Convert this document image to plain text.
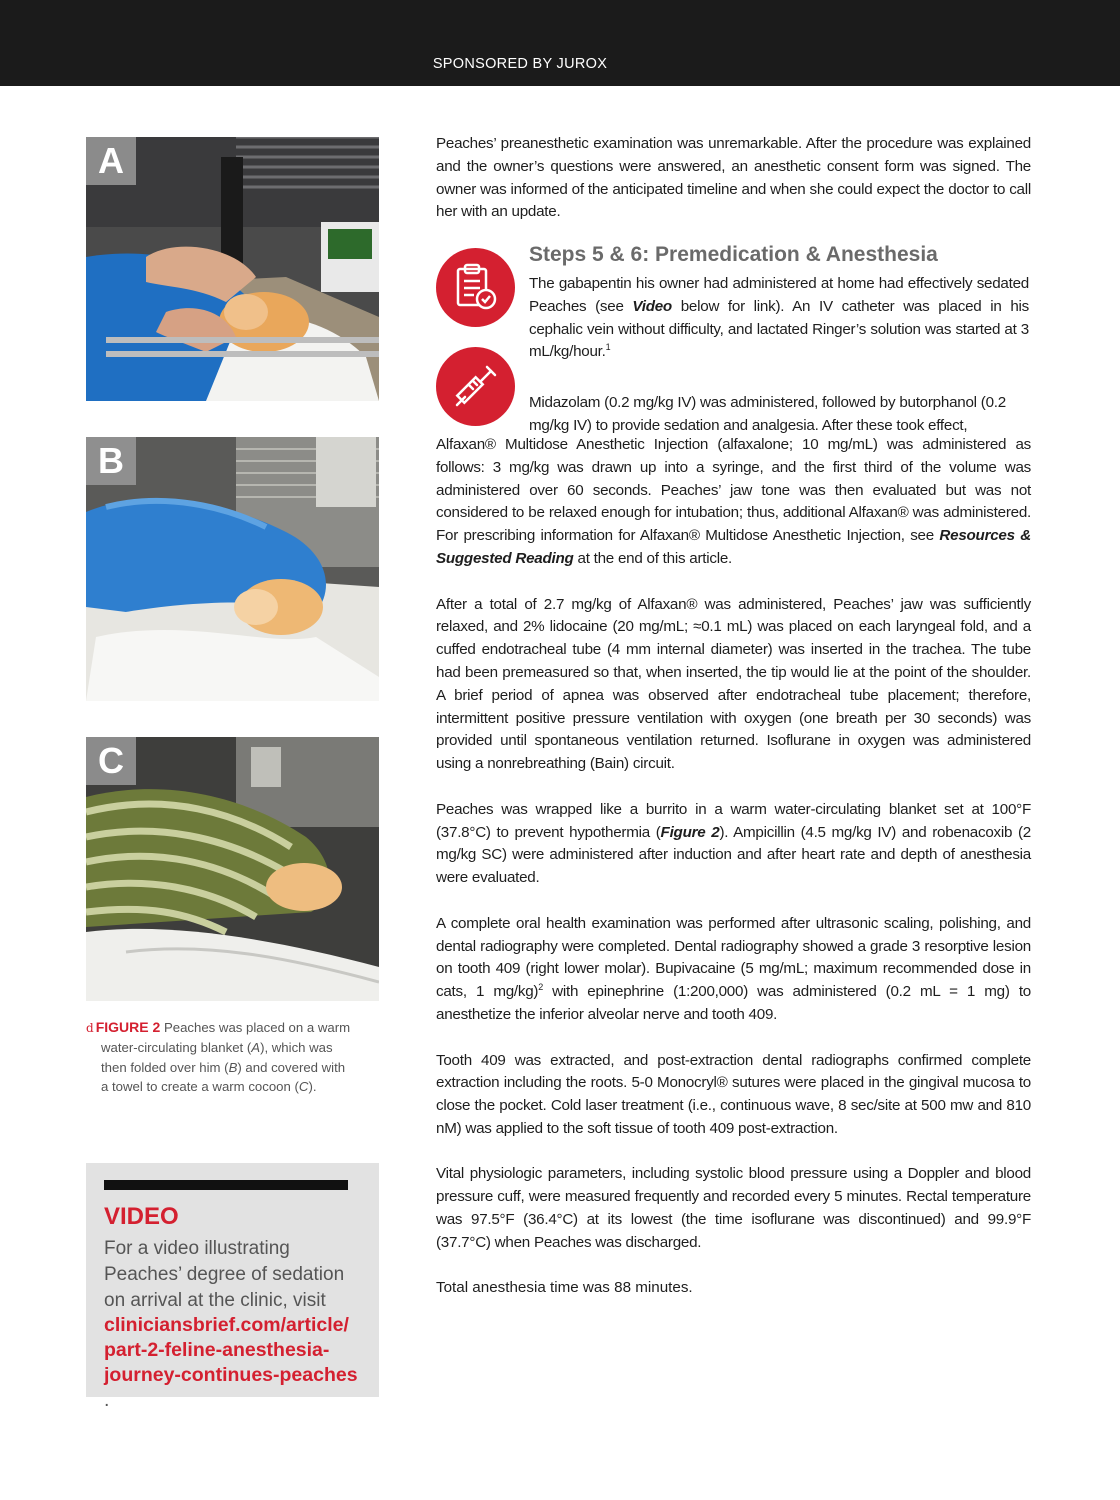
SPONSORED BY JUROX
A
B
C
d FIGURE 2 Peaches was placed on a warm
water-circulating blanket (A), which was
then folded over him (B) and covered with
a towel to create a warm cocoon (C).
VIDEO
For a video illustrating
Peaches’ degree of sedation
on arrival at the clinic, visit
cliniciansbrief.com/article/
part-2-feline-anesthesia-
journey-continues-peaches
.

Peaches’ preanesthetic examination was unremarkable. After the procedure was explained and the owner’s questions were answered, an anesthetic consent form was signed. The owner was informed of the anticipated timeline and when she could expect the doctor to call her with an update.

Steps 5 & 6: Premedication & Anesthesia
The gabapentin his owner had administered at home had effectively sedated Peaches (see Video below for link). An IV catheter was placed in his cephalic vein without difficulty, and lactated Ringer’s solution was started at 3 mL/kg/hour.$^1$
Midazolam (0.2 mg/kg IV) was administered, followed by butorphanol (0.2 mg/kg IV) to provide sedation and analgesia. After these took effect,

Alfaxan® Multidose Anesthetic Injection (alfaxalone; 10 mg/mL) was administered as follows: 3 mg/kg was drawn up into a syringe, and the first third of the volume was administered over 60 seconds. Peaches’ jaw tone was then evaluated but was not considered to be relaxed enough for intubation; thus, additional Alfaxan® was administered. For prescribing information for Alfaxan® Multidose Anesthetic Injection, see Resources & Suggested Reading at the end of this article.

After a total of 2.7 mg/kg of Alfaxan® was administered, Peaches’ jaw was sufficiently relaxed, and 2% lidocaine (20 mg/mL; ≈0.1 mL) was placed on each laryngeal fold, and a cuffed endotracheal tube (4 mm internal diameter) was inserted in the trachea. The tube had been premeasured so that, when inserted, the tip would lie at the point of the shoulder. A brief period of apnea was observed after endotracheal tube placement; therefore, intermittent positive pressure ventilation with oxygen (one breath per 30 seconds) was provided until spontaneous ventilation returned. Isoflurane in oxygen was administered using a nonrebreathing (Bain) circuit.

Peaches was wrapped like a burrito in a warm water-circulating blanket set at 100°F (37.8°C) to prevent hypothermia (Figure 2). Ampicillin (4.5 mg/kg IV) and robenacoxib (2 mg/kg SC) were administered after induction and after heart rate and depth of anesthesia were evaluated.

A complete oral health examination was performed after ultrasonic scaling, polishing, and dental radiography were completed. Dental radiography showed a grade 3 resorptive lesion on tooth 409 (right lower molar). Bupivacaine (5 mg/mL; maximum recommended dose in cats, 1 mg/kg)$^2$ with epinephrine (1:200,000) was administered (0.2 mL = 1 mg) to anesthetize the inferior alveolar nerve and tooth 409.

Tooth 409 was extracted, and post-extraction dental radiographs confirmed complete extraction including the roots. 5-0 Monocryl® sutures were placed in the gingival mucosa to close the pocket. Cold laser treatment (i.e., continuous wave, 8 sec/site at 500 mw and 810 nM) was applied to the soft tissue of tooth 409 post-extraction.

Vital physiologic parameters, including systolic blood pressure using a Doppler and blood pressure cuff, were measured frequently and recorded every 5 minutes. Rectal temperature was 97.5°F (36.4°C) at its lowest (the time isoflurane was discontinued) and 99.9°F (37.7°C) when Peaches was discharged.

Total anesthesia time was 88 minutes.
